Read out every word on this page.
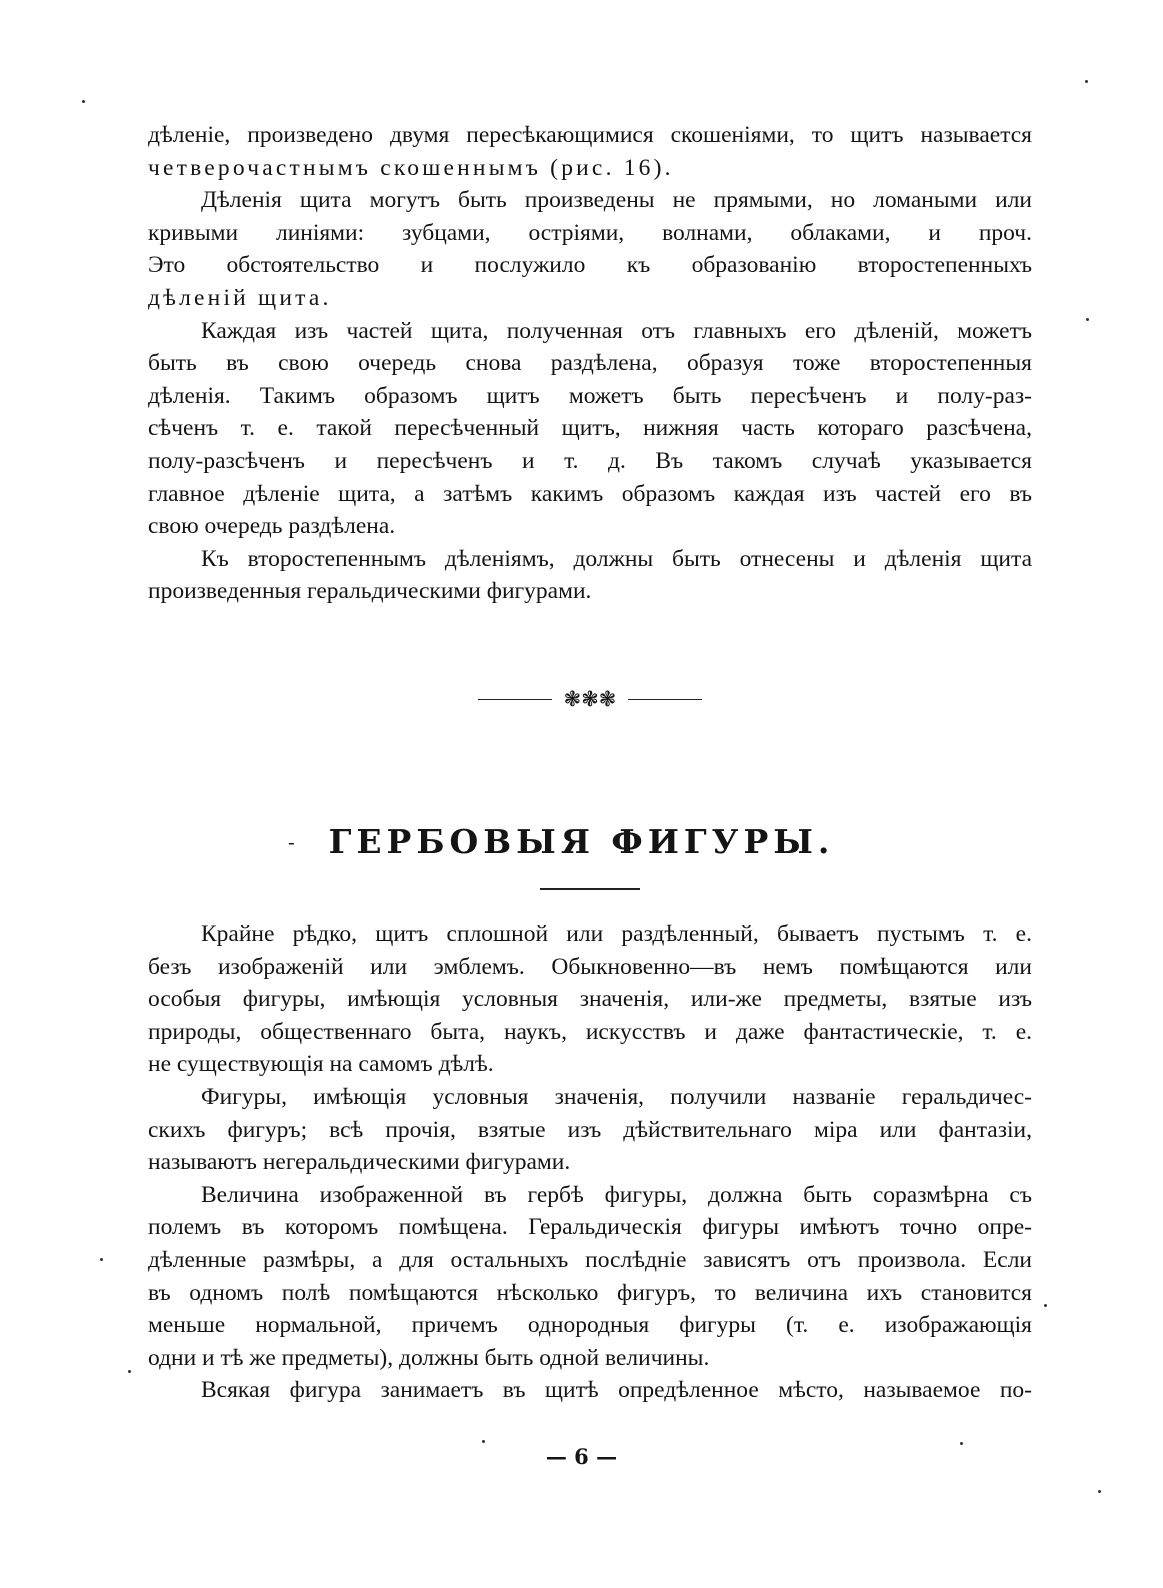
дѣленіе, произведено двумя пересѣкающимися скошеніями, то щитъ называется
четверочастнымъ скошеннымъ (рис. 16).
Дѣленія щита могутъ быть произведены не прямыми, но ломаными или
кривыми линіями: зубцами, остріями, волнами, облаками, и проч.
Это обстоятельство и послужило къ образованію второстепенныхъ
дѣленій щита.
Каждая изъ частей щита, полученная отъ главныхъ его дѣленій, можетъ
быть въ свою очередь снова раздѣлена, образуя тоже второстепенныя
дѣленія. Такимъ образомъ щитъ можетъ быть пересѣченъ и полу-раз-
сѣченъ т. е. такой пересѣченный щитъ, нижняя часть котораго разсѣчена,
полу-разсѣченъ и пересѣченъ и т. д. Въ такомъ случаѣ указывается
главное дѣленіе щита, а затѣмъ какимъ образомъ каждая изъ частей его въ
свою очередь раздѣлена.
Къ второстепеннымъ дѣленіямъ, должны быть отнесены и дѣленія щита
произведенныя геральдическими фигурами.
❃❃❃
- ГЕРБОВЫЯ ФИГУРЫ.
Крайне рѣдко, щитъ сплошной или раздѣленный, бываетъ пустымъ т. е.
безъ изображеній или эмблемъ. Обыкновенно—въ немъ помѣщаются или
особыя фигуры, имѣющія условныя значенія, или-же предметы, взятые изъ
природы, общественнаго быта, наукъ, искусствъ и даже фантастическіе, т. е.
не существующія на самомъ дѣлѣ.
Фигуры, имѣющія условныя значенія, получили названіе геральдичес-
скихъ фигуръ; всѣ прочія, взятые изъ дѣйствительнаго міра или фантазіи,
называютъ негеральдическими фигурами.
Величина изображенной въ гербѣ фигуры, должна быть соразмѣрна съ
полемъ въ которомъ помѣщена. Геральдическія фигуры имѣютъ точно опре-
дѣленные размѣры, а для остальныхъ послѣдніе зависятъ отъ произвола. Если
въ одномъ полѣ помѣщаются нѣсколько фигуръ, то величина ихъ становится
меньше нормальной, причемъ однородныя фигуры (т. е. изображающія
одни и тѣ же предметы), должны быть одной величины.
Всякая фигура занимаетъ въ щитѣ опредѣленное мѣсто, называемое по-
— 6 —
